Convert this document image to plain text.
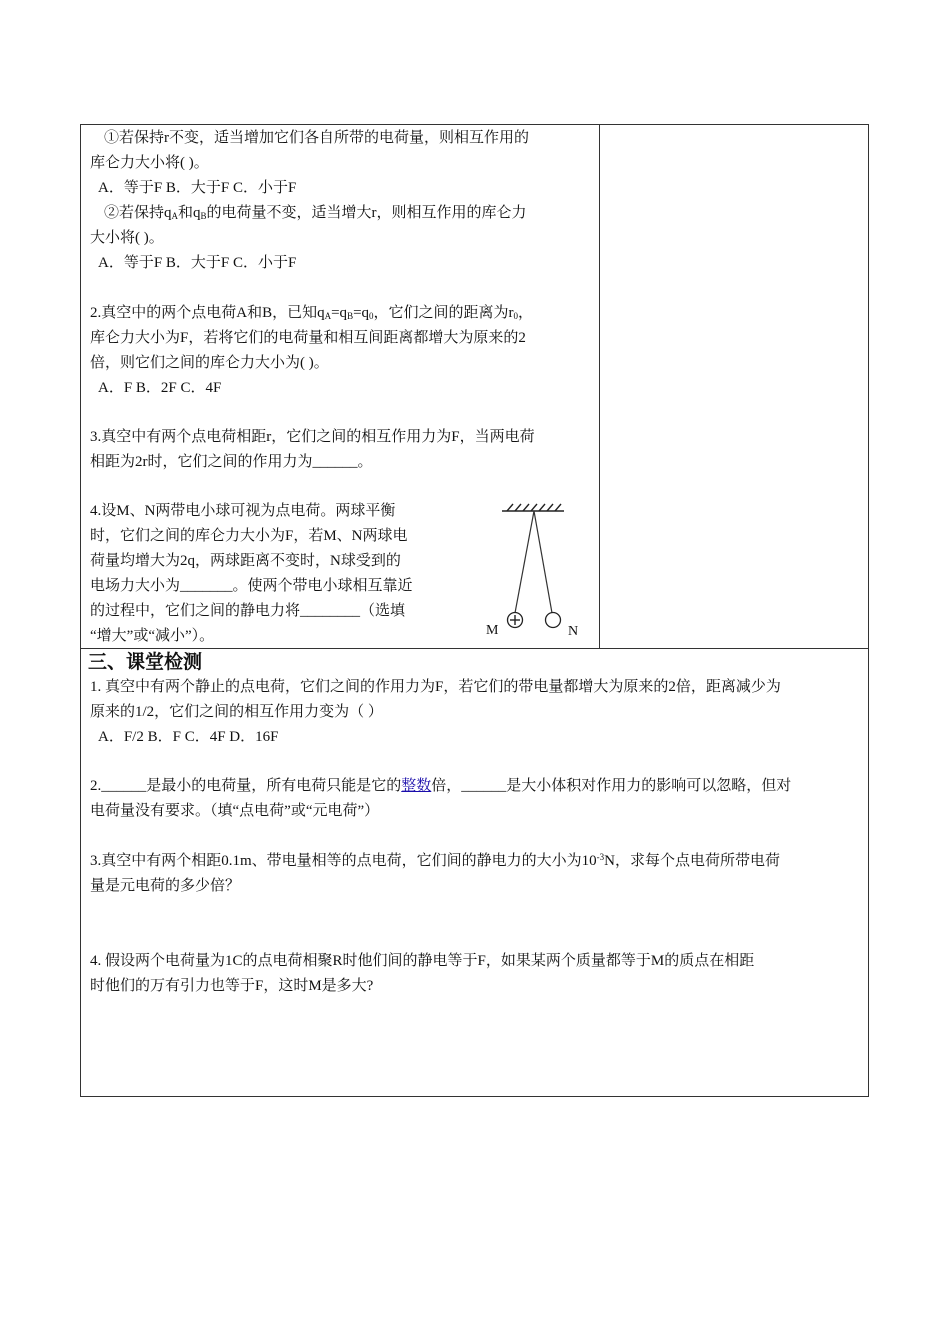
①若保持r不变，适当增加它们各自所带的电荷量，则相互作用的
库仑力大小将( )。
A．等于F B．大于F C．小于F
②若保持$q_A$和$q_B$的电荷量不变，适当增大r，则相互作用的库仑力
大小将( )。
A．等于F B．大于F C．小于F
2.真空中的两个点电荷A和B，已知$q_A=q_B=q_0$，它们之间的距离为$r_0$，
库仑力大小为F，若将它们的电荷量和相互间距离都增大为原来的2
倍，则它们之间的库仑力大小为( )。
A．F B．2F C．4F
3.真空中有两个点电荷相距r，它们之间的相互作用力为F，当两电荷
相距为2r时，它们之间的作用力为______。
4.设M、N两带电小球可视为点电荷。两球平衡
时，它们之间的库仑力大小为F，若M、N两球电
荷量均增大为2q，两球距离不变时，N球受到的
电场力大小为_______。使两个带电小球相互靠近
的过程中，它们之间的静电力将________（选填
“增大”或“减小”）。	M	N
三、课堂检测
1. 真空中有两个静止的点电荷，它们之间的作用力为F，若它们的带电量都增大为原来的2倍，距离减少为
原来的1/2，它们之间的相互作用力变为（ ）
A．F/2 B．F C．4F D．16F
2.______是最小的电荷量，所有电荷只能是它的整数倍，______是大小体积对作用力的影响可以忽略，但对
电荷量没有要求。（填“点电荷”或“元电荷”）
3.真空中有两个相距0.1m、带电量相等的点电荷，它们间的静电力的大小为$10^{-3}N$，求每个点电荷所带电荷
量是元电荷的多少倍？
4. 假设两个电荷量为1C的点电荷相聚R时他们间的静电等于F，如果某两个质量都等于M的质点在相距
时他们的万有引力也等于F，这时M是多大?
